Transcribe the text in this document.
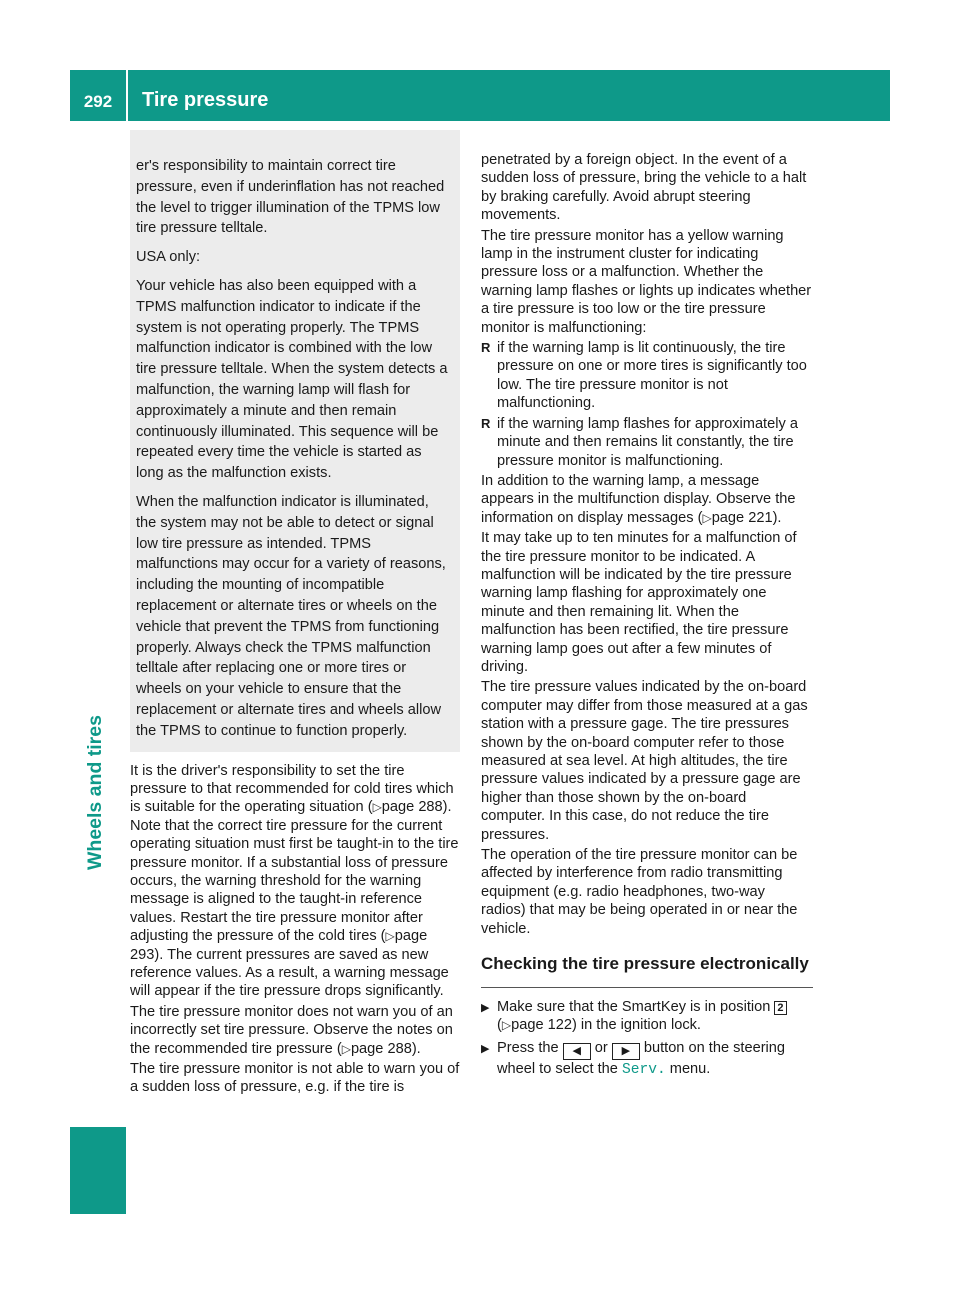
292	Tire pressure
Wheels and tires

er's responsibility to maintain correct tire pressure, even if underinflation has not reached the level to trigger illumination of the TPMS low tire pressure telltale.

USA only:

Your vehicle has also been equipped with a TPMS malfunction indicator to indicate if the system is not operating properly. The TPMS malfunction indicator is combined with the low tire pressure telltale. When the system detects a malfunction, the warning lamp will flash for approximately a minute and then remain continuously illuminated. This sequence will be repeated every time the vehicle is started as long as the malfunction exists.

When the malfunction indicator is illuminated, the system may not be able to detect or signal low tire pressure as intended. TPMS malfunctions may occur for a variety of reasons, including the mounting of incompatible replacement or alternate tires or wheels on the vehicle that prevent the TPMS from functioning properly. Always check the TPMS malfunction telltale after replacing one or more tires or wheels on your vehicle to ensure that the replacement or alternate tires and wheels allow the TPMS to continue to function properly.

It is the driver's responsibility to set the tire pressure to that recommended for cold tires which is suitable for the operating situation (▷page 288). Note that the correct tire pressure for the current operating situation must first be taught-in to the tire pressure monitor. If a substantial loss of pressure occurs, the warning threshold for the warning message is aligned to the taught-in reference values. Restart the tire pressure monitor after adjusting the pressure of the cold tires (▷page 293). The current pressures are saved as new reference values. As a result, a warning message will appear if the tire pressure drops significantly.

The tire pressure monitor does not warn you of an incorrectly set tire pressure. Observe the notes on the recommended tire pressure (▷page 288).

The tire pressure monitor is not able to warn you of a sudden loss of pressure, e.g. if the tire is

penetrated by a foreign object. In the event of a sudden loss of pressure, bring the vehicle to a halt by braking carefully. Avoid abrupt steering movements.

The tire pressure monitor has a yellow warning lamp in the instrument cluster for indicating pressure loss or a malfunction. Whether the warning lamp flashes or lights up indicates whether a tire pressure is too low or the tire pressure monitor is malfunctioning:

R if the warning lamp is lit continuously, the tire pressure on one or more tires is significantly too low. The tire pressure monitor is not malfunctioning.
R if the warning lamp flashes for approximately a minute and then remains lit constantly, the tire pressure monitor is malfunctioning.

In addition to the warning lamp, a message appears in the multifunction display. Observe the information on display messages (▷page 221).

It may take up to ten minutes for a malfunction of the tire pressure monitor to be indicated. A malfunction will be indicated by the tire pressure warning lamp flashing for approximately one minute and then remaining lit. When the malfunction has been rectified, the tire pressure warning lamp goes out after a few minutes of driving.

The tire pressure values indicated by the on-board computer may differ from those measured at a gas station with a pressure gage. The tire pressures shown by the on-board computer refer to those measured at sea level. At high altitudes, the tire pressure values indicated by a pressure gage are higher than those shown by the on-board computer. In this case, do not reduce the tire pressures.

The operation of the tire pressure monitor can be affected by interference from radio transmitting equipment (e.g. radio headphones, two-way radios) that may be being operated in or near the vehicle.

Checking the tire pressure electronically
▶ Make sure that the SmartKey is in position 2
(▷page 122) in the ignition lock.
▶ Press the ◀ or ▶ button on the steering wheel to select the Serv. menu.
